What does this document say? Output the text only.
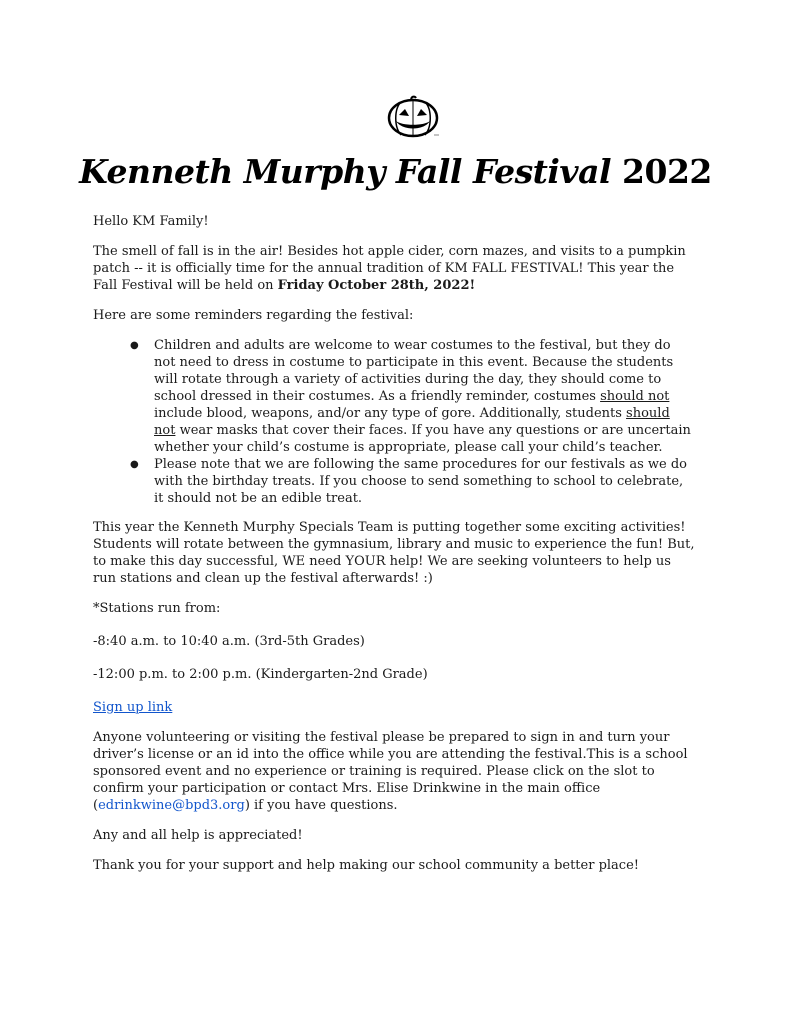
Kenneth Murphy Fall Festival 2022

Hello KM Family!

The smell of fall is in the air! Besides hot apple cider, corn mazes, and visits to a pumpkin patch -- it is officially time for the annual tradition of KM FALL FESTIVAL! This year the Fall Festival will be held on Friday October 28th, 2022!

Here are some reminders regarding the festival:

● Children and adults are welcome to wear costumes to the festival, but they do not need to dress in costume to participate in this event. Because the students will rotate through a variety of activities during the day, they should come to school dressed in their costumes. As a friendly reminder, costumes should not include blood, weapons, and/or any type of gore. Additionally, students should not wear masks that cover their faces. If you have any questions or are uncertain whether your child’s costume is appropriate, please call your child’s teacher.
● Please note that we are following the same procedures for our festivals as we do with the birthday treats. If you choose to send something to school to celebrate, it should not be an edible treat.

This year the Kenneth Murphy Specials Team is putting together some exciting activities! Students will rotate between the gymnasium, library and music to experience the fun! But, to make this day successful, WE need YOUR help! We are seeking volunteers to help us run stations and clean up the festival afterwards! :)

*Stations run from:

-8:40 a.m. to 10:40 a.m. (3rd-5th Grades)

-12:00 p.m. to 2:00 p.m. (Kindergarten-2nd Grade)

Sign up link

Anyone volunteering or visiting the festival please be prepared to sign in and turn your driver’s license or an id into the office while you are attending the festival.This is a school sponsored event and no experience or training is required. Please click on the slot to confirm your participation or contact Mrs. Elise Drinkwine in the main office (edrinkwine@bpd3.org) if you have questions.

Any and all help is appreciated!

Thank you for your support and help making our school community a better place!
